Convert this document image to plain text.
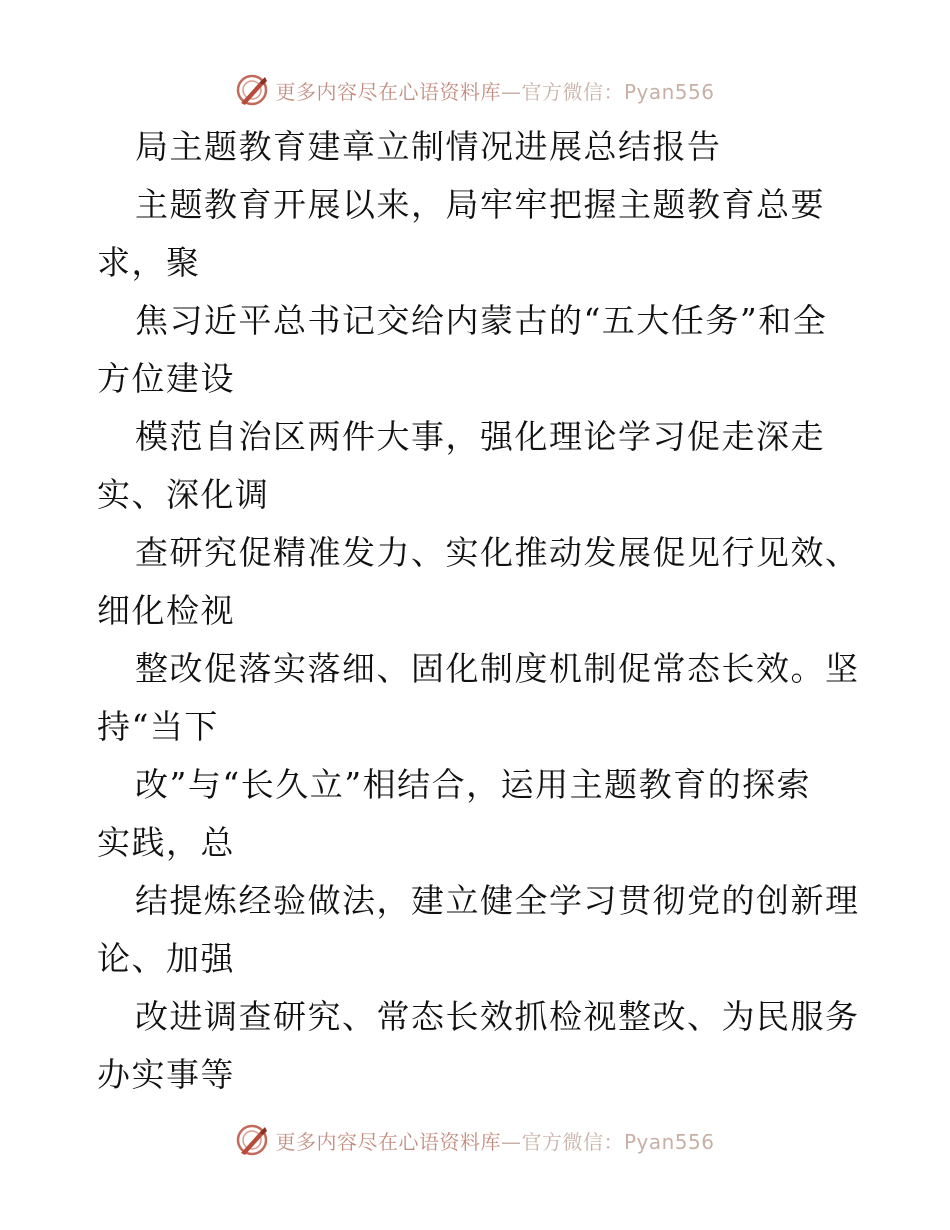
更多内容尽在心语资料库—官方微信：Pyan556
局主题教育建章立制情况进展总结报告
主题教育开展以来，局牢牢把握主题教育总要
求，聚
焦习近平总书记交给内蒙古的“五大任务”和全
方位建设
模范自治区两件大事，强化理论学习促走深走
实、深化调
查研究促精准发力、实化推动发展促见行见效、
细化检视
整改促落实落细、固化制度机制促常态长效。坚
持“当下
改”与“长久立”相结合，运用主题教育的探索
实践，总
结提炼经验做法，建立健全学习贯彻党的创新理
论、加强
改进调查研究、常态长效抓检视整改、为民服务
办实事等
更多内容尽在心语资料库—官方微信：Pyan556
